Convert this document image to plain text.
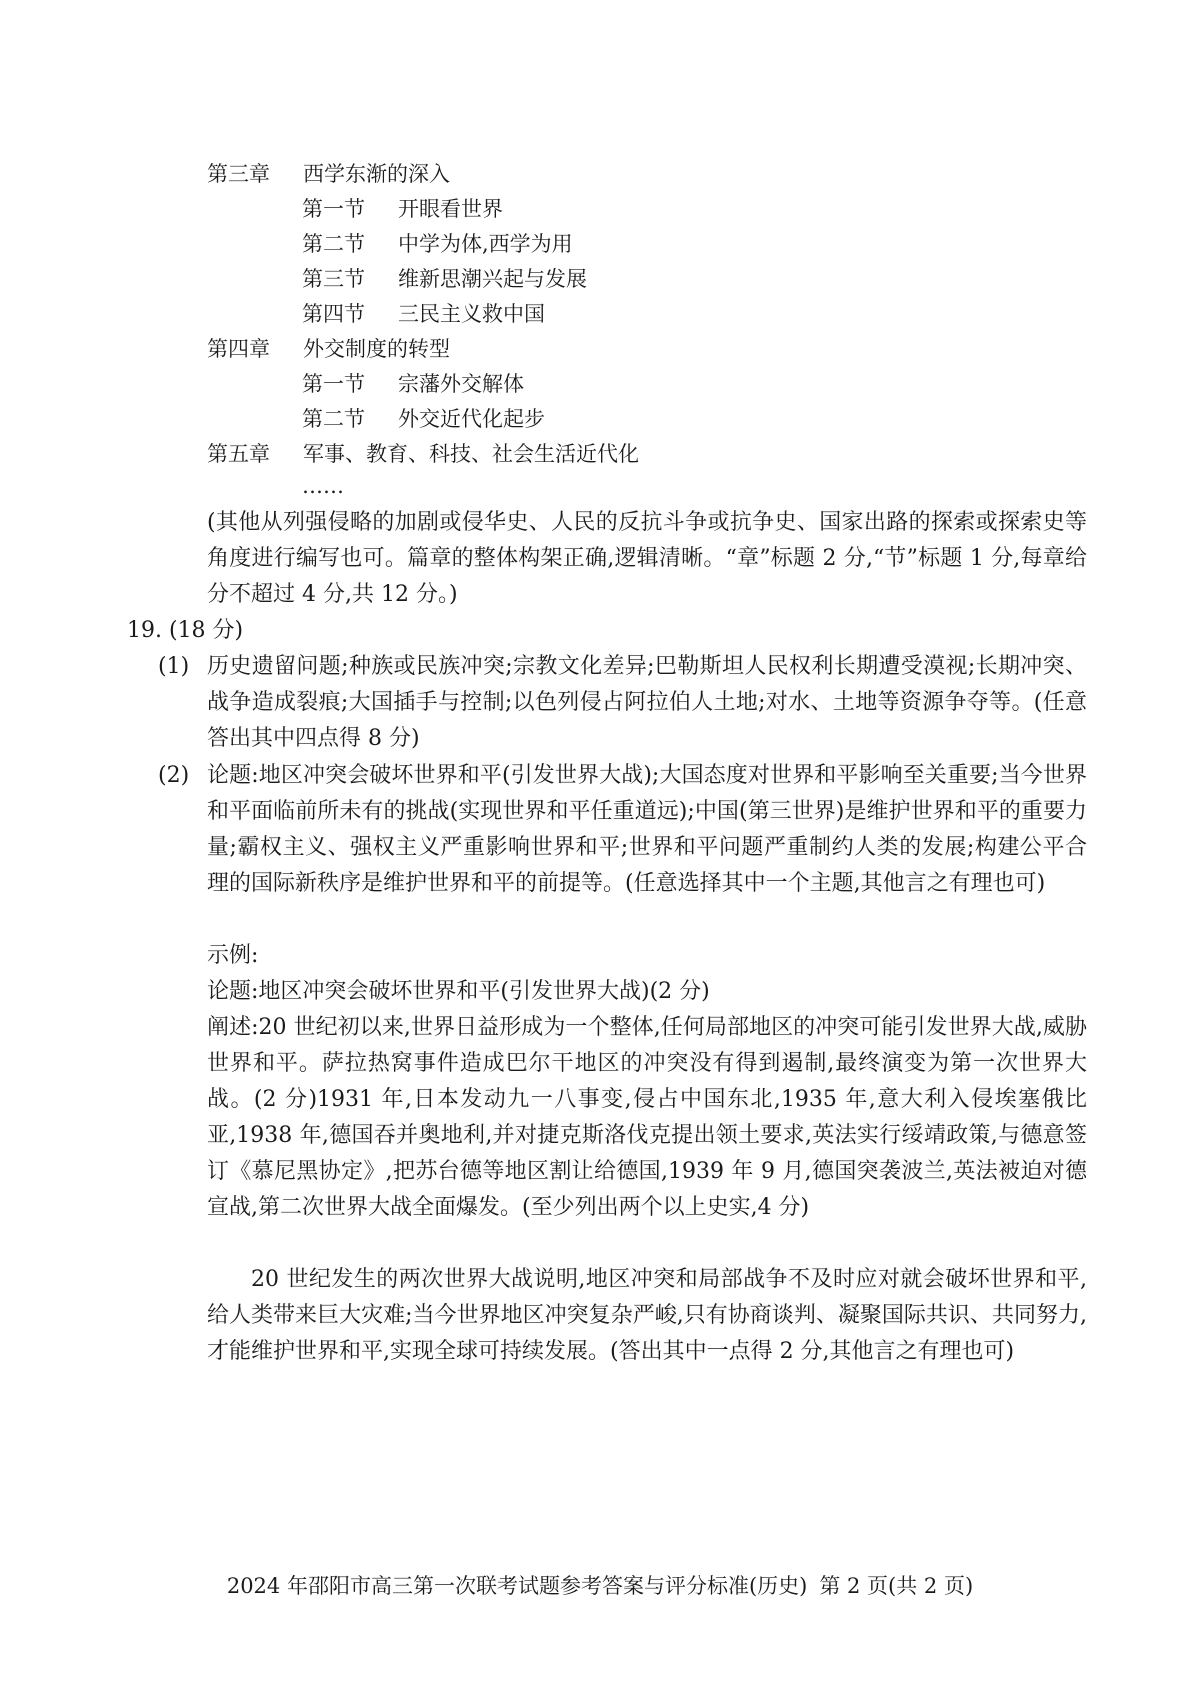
第三章 西学东渐的深入
第一节 开眼看世界
第二节 中学为体,西学为用
第三节 维新思潮兴起与发展
第四节 三民主义救中国
第四章 外交制度的转型
第一节 宗藩外交解体
第二节 外交近代化起步
第五章 军事、教育、科技、社会生活近代化
……
(其他从列强侵略的加剧或侵华史、人民的反抗斗争或抗争史、国家出路的探索或探索史等角度进行编写也可。篇章的整体构架正确,逻辑清晰。“章”标题 2 分,“节”标题 1 分,每章给分不超过 4 分,共 12 分。)
19. (18 分)
(1) 历史遗留问题;种族或民族冲突;宗教文化差异;巴勒斯坦人民权利长期遭受漠视;长期冲突、战争造成裂痕;大国插手与控制;以色列侵占阿拉伯人土地;对水、土地等资源争夺等。(任意答出其中四点得 8 分)
(2) 论题:地区冲突会破坏世界和平(引发世界大战);大国态度对世界和平影响至关重要;当今世界和平面临前所未有的挑战(实现世界和平任重道远);中国(第三世界)是维护世界和平的重要力量;霸权主义、强权主义严重影响世界和平;世界和平问题严重制约人类的发展;构建公平合理的国际新秩序是维护世界和平的前提等。(任意选择其中一个主题,其他言之有理也可)
示例:
论题:地区冲突会破坏世界和平(引发世界大战)(2 分)
阐述:20 世纪初以来,世界日益形成为一个整体,任何局部地区的冲突可能引发世界大战,威胁世界和平。萨拉热窝事件造成巴尔干地区的冲突没有得到遏制,最终演变为第一次世界大战。(2 分)1931 年,日本发动九一八事变,侵占中国东北,1935 年,意大利入侵埃塞俄比亚,1938 年,德国吞并奥地利,并对捷克斯洛伐克提出领土要求,英法实行绥靖政策,与德意签订《慕尼黑协定》,把苏台德等地区割让给德国,1939 年 9 月,德国突袭波兰,英法被迫对德宣战,第二次世界大战全面爆发。(至少列出两个以上史实,4 分)
20 世纪发生的两次世界大战说明,地区冲突和局部战争不及时应对就会破坏世界和平,给人类带来巨大灾难;当今世界地区冲突复杂严峻,只有协商谈判、凝聚国际共识、共同努力,才能维护世界和平,实现全球可持续发展。(答出其中一点得 2 分,其他言之有理也可)
2024 年邵阳市高三第一次联考试题参考答案与评分标准(历史) 第 2 页(共 2 页)
